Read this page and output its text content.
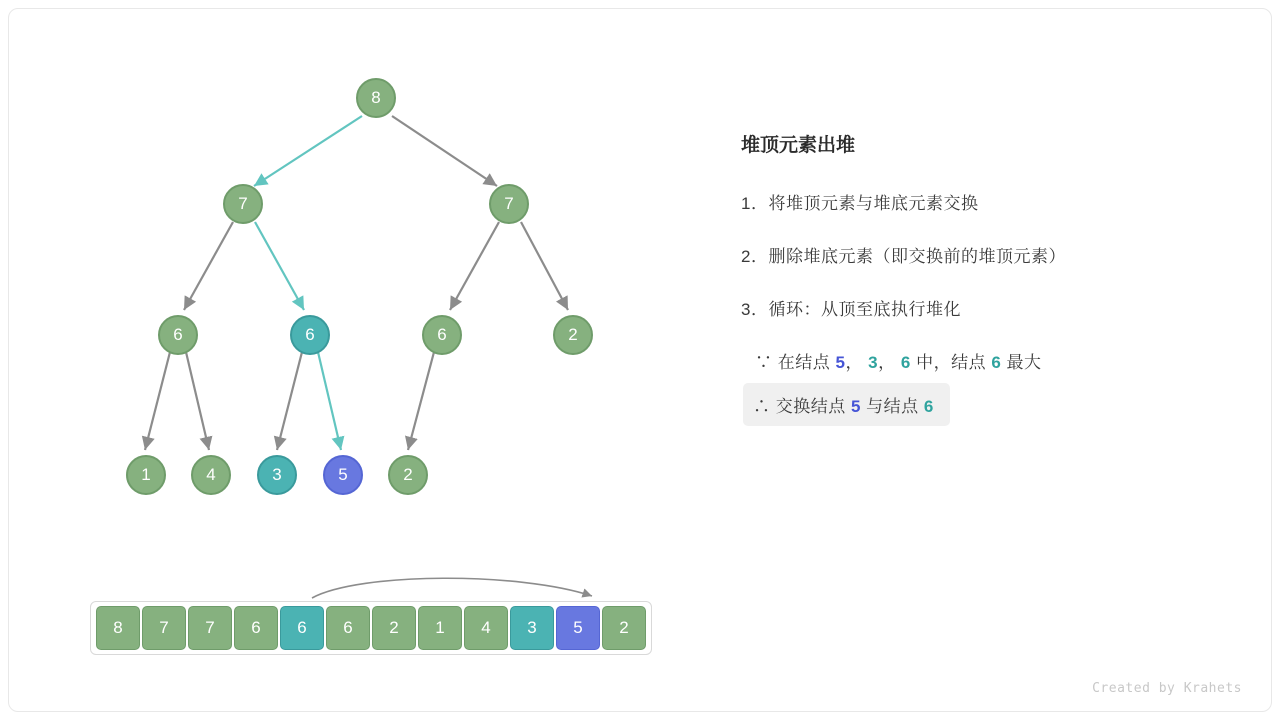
8
7	7
6	6	6	2
1	4	3	5	2
8	7	7	6	6	6	2	1	4	3	5	2
堆顶元素出堆
1．将堆顶元素与堆底元素交换
2．删除堆底元素（即交换前的堆顶元素）
3．循环：从顶至底执行堆化
∵ 在结点 5， 3， 6 中，结点 6 最大
∴ 交换结点 5 与结点 6
Created by Krahets
